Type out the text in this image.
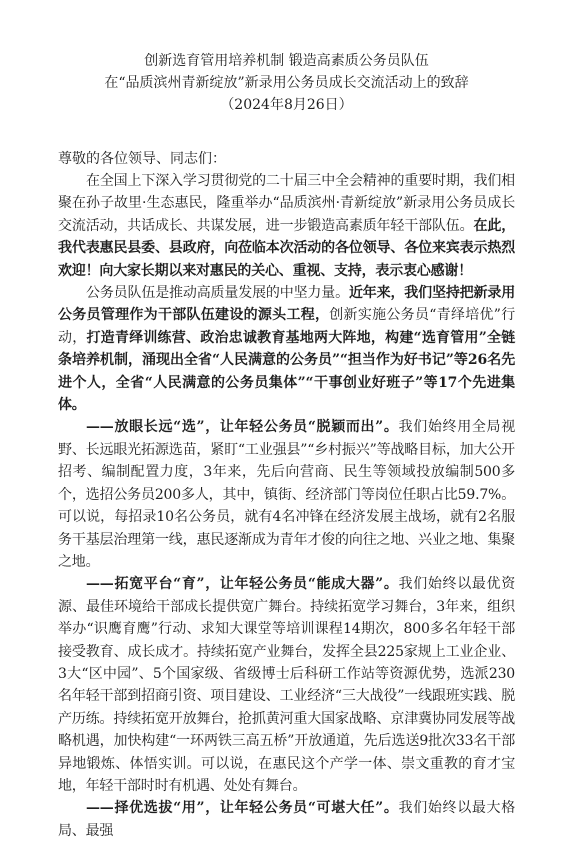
创新选育管用培养机制 锻造高素质公务员队伍

在“品质滨州青新绽放”新录用公务员成长交流活动上的致辞

（2024年8月26日）

尊敬的各位领导、同志们：

在全国上下深入学习贯彻党的二十届三中全会精神的重要时期，我们相聚在孙子故里·生态惠民，隆重举办“品质滨州·青新绽放”新录用公务员成长交流活动，共话成长、共谋发展，进一步锻造高素质年轻干部队伍。在此，我代表惠民县委、县政府，向莅临本次活动的各位领导、各位来宾表示热烈欢迎！向大家长期以来对惠民的关心、重视、支持，表示衷心感谢！

公务员队伍是推动高质量发展的中坚力量。近年来，我们坚持把新录用公务员管理作为干部队伍建设的源头工程，创新实施公务员“青绎培优”行动，打造青绎训练营、政治忠诚教育基地两大阵地，构建“选育管用”全链条培养机制，涌现出全省“人民满意的公务员”“担当作为好书记”等26名先进个人，全省“人民满意的公务员集体”“干事创业好班子”等17个先进集体。

——放眼长远“选”，让年轻公务员“脱颖而出”。我们始终用全局视野、长远眼光拓源选苗，紧盯“工业强县”“乡村振兴”等战略目标，加大公开招考、编制配置力度，3年来，先后向营商、民生等领域投放编制500多个，选招公务员200多人，其中，镇街、经济部门等岗位任职占比59.7%。可以说，每招录10名公务员，就有4名冲锋在经济发展主战场，就有2名服务干基层治理第一线，惠民逐渐成为青年才俊的向往之地、兴业之地、集聚之地。

——拓宽平台“育”，让年轻公务员“能成大器”。我们始终以最优资源、最佳环境给干部成长提供宽广舞台。持续拓宽学习舞台，3年来，组织举办“识鹰育鹰”行动、求知大课堂等培训课程14期次，800多名年轻干部接受教育、成长成才。持续拓宽产业舞台，发挥全县225家规上工业企业、3大“区中园”、5个国家级、省级博士后科研工作站等资源优势，选派230名年轻干部到招商引资、项目建设、工业经济“三大战役”一线跟班实践、脱产历练。持续拓宽开放舞台，抢抓黄河重大国家战略、京津冀协同发展等战略机遇，加快构建“一环两铁三高五桥”开放通道，先后选送9批次33名干部异地锻炼、体悟实训。可以说，在惠民这个产学一体、崇文重教的育才宝地，年轻干部时时有机遇、处处有舞台。

——择优选拔“用”，让年轻公务员“可堪大任”。我们始终以最大格局、最强
